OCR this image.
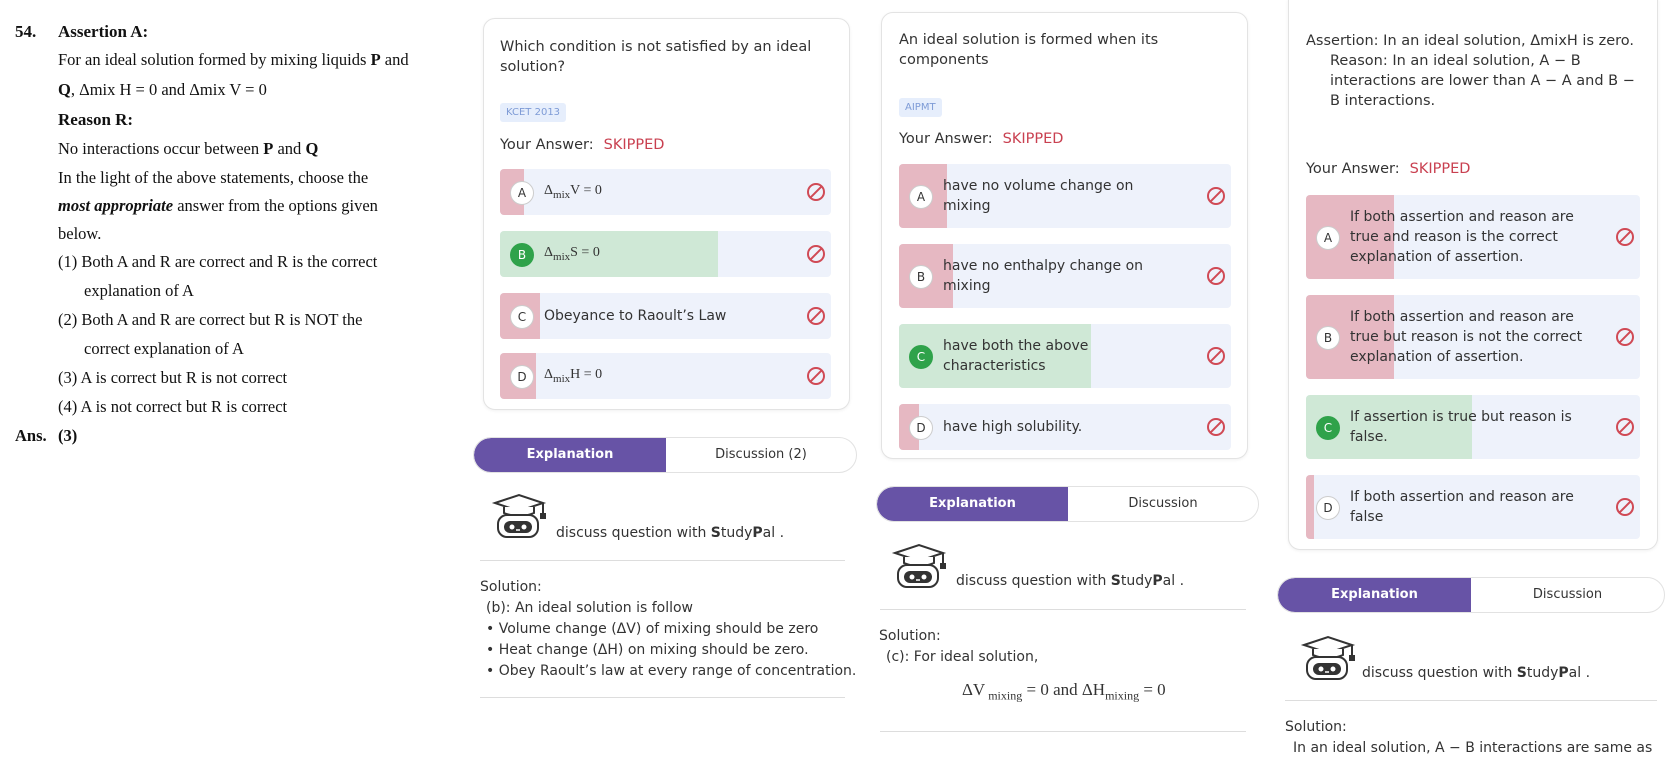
54. Assertion A:
For an ideal solution formed by mixing liquids P and
Q, Δmix H = 0 and Δmix V = 0
Reason R:
No interactions occur between P and Q
In the light of the above statements, choose the
most appropriate answer from the options given
below.
(1) Both A and R are correct and R is the correct
explanation of A
(2) Both A and R are correct but R is NOT the
correct explanation of A
(3) A is correct but R is not correct
(4) A is not correct but R is correct
Ans. (3)
Which condition is not satisfied by an ideal solution?
KCET 2013
Your Answer: SKIPPED
A	$\Delta_{mix}V = 0$
B	$\Delta_{mix}S = 0$
C	Obeyance to Raoult’s Law
D	$\Delta_{mix}H = 0$
Explanation	Discussion (2)
discuss question with StudyPal .
Solution:
(b): An ideal solution is follow
• Volume change (ΔV) of mixing should be zero
• Heat change (ΔH) on mixing should be zero.
• Obey Raoult’s law at every range of concentration.
An ideal solution is formed when its components
AIPMT
Your Answer: SKIPPED
A
have no volume change on mixing
B
have no enthalpy change on mixing
C
have both the above characteristics
D	have high solubility.
Explanation	Discussion
discuss question with StudyPal .
Solution:
(c): For ideal solution,
ΔV $_{mixing}$ = 0 and $\Delta H_{mixing} = 0$
Assertion: In an ideal solution, ΔmixH is zero.
Reason: In an ideal solution, A − B
interactions are lower than A − A and B −
B interactions.
Your Answer: SKIPPED
A
If both assertion and reason are true and reason is the correct explanation of assertion.
B
If both assertion and reason are true but reason is not the correct explanation of assertion.
C
If assertion is true but reason is false.
D
If both assertion and reason are false
Explanation	Discussion
discuss question with StudyPal .
Solution:
In an ideal solution, A − B interactions are same as
